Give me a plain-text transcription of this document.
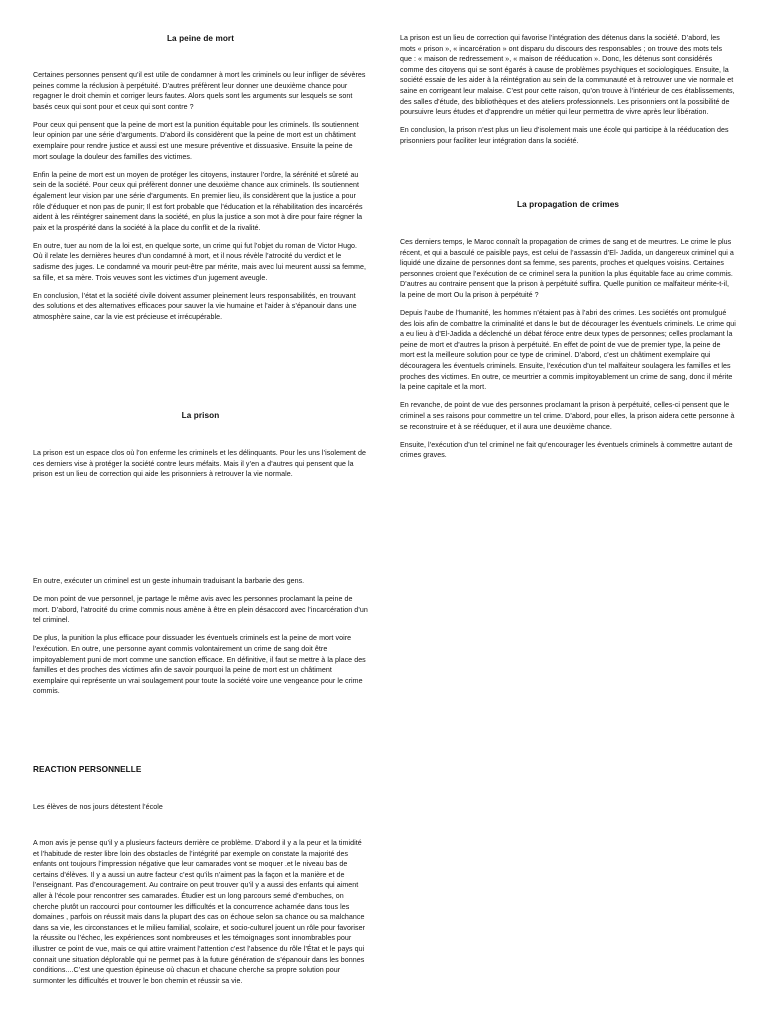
La peine de mort

Certaines personnes pensent qu’il est utile de condamner à mort les criminels ou leur infliger de sévères peines comme la réclusion à perpétuité. D’autres préfèrent leur donner une deuxième chance pour regagner le droit chemin et corriger leurs fautes. Alors quels sont les arguments sur lesquels se sont basés ceux qui sont pour et ceux qui sont contre ?

Pour ceux qui pensent que la peine de mort est la punition équitable pour les criminels. Ils soutiennent leur opinion par une série d’arguments. D’abord ils considèrent que la peine de mort est un châtiment exemplaire pour rendre justice et aussi est une mesure préventive et dissuasive. Ensuite la peine de mort soulage la douleur des familles des victimes.

Enfin la peine de mort est un moyen de protéger les citoyens, instaurer l’ordre, la sérénité et sûreté au sein de la société. Pour ceux qui préfèrent donner une deuxième chance aux criminels. Ils soutiennent également leur vision par une série d’arguments. En premier lieu, ils considèrent que la justice a pour rôle d’éduquer et non pas de punir; Il est fort probable que l’éducation et la réhabilitation des incarcérés aident à les réintégrer sainement dans la société, en plus la justice a son mot à dire pour faire régner la paix et la prospérité dans la société à la place du conflit et de la rivalité.

En outre, tuer au nom de la loi est, en quelque sorte, un crime qui fut l’objet du roman de Victor Hugo. Où il relate les dernières heures d’un condamné à mort, et il nous révèle l’atrocité du verdict et le sadisme des juges. Le condamné va mourir peut-être par mérite, mais avec lui meurent aussi sa femme, sa fille, et sa mère. Trois veuves sont les victimes d’un jugement aveugle.

En conclusion, l’état et la société civile doivent assumer pleinement leurs responsabilités, en trouvant des solutions et des alternatives efficaces pour sauver la vie humaine et l’aider à s’épanouir dans une atmosphère saine, car la vie est précieuse et irrécupérable.

La prison

La prison est un espace clos où l’on enferme les criminels et les délinquants. Pour les uns l’isolement de ces derniers vise à protéger la société contre leurs méfaits. Mais il y’en a d’autres qui pensent que la prison est un lieu de correction qui aide les prisonniers à retrouver la vie normale.

En outre, exécuter un criminel est un geste inhumain traduisant la barbarie des gens.

De mon point de vue personnel, je partage le même avis avec les personnes proclamant la peine de mort. D’abord, l’atrocité du crime commis nous amène à être en plein désaccord avec l’incarcération d’un tel criminel.

De plus, la punition la plus efficace pour dissuader les éventuels criminels est la peine de mort voire l’exécution. En outre, une personne ayant commis volontairement un crime de sang doit être impitoyablement puni de mort comme une sanction efficace. En définitive, il faut se mettre à la place des familles et des proches des victimes afin de savoir pourquoi la peine de mort est un châtiment exemplaire qui représente un vrai soulagement pour toute la société voire une vengeance pour le crime commis.

REACTION PERSONNELLE

Les élèves de nos jours détestent l’école

A mon avis je pense qu’il y a plusieurs facteurs derrière ce problème. D’abord il y a la peur et la timidité et l’habitude de rester libre loin des obstacles de l’intégrité par exemple on constate la majorité des enfants ont toujours l’impression négative que leur camarades vont se moquer .et le niveau bas de certains d’élèves. Il y a aussi un autre facteur c’est qu’ils n’aiment pas la façon et la manière et de l’enseignant. Pas d’encouragement. Au contraire on peut trouver qu’il y a aussi des enfants qui aiment aller à l’école pour rencontrer ses camarades. Étudier est un long parcours semé d’embuches, on cherche plutôt un raccourci pour contourner les difficultés et la concurrence acharnée dans tous les domaines , parfois on réussit mais dans la plupart des cas on échoue selon sa chance ou sa malchance dans sa vie, les circonstances et le milieu familial, scolaire, et socio-culturel jouent un rôle pour favoriser la réussite ou l’échec, les expériences sont nombreuses et les témoignages sont innombrables pour illustrer ce point de vue, mais ce qui attire vraiment l’attention c’est l’absence du rôle l’État et le pays qui connait une situation déplorable qui ne permet pas à la future génération de s’épanouir dans les bonnes conditions....C’est une question épineuse où chacun et chacune cherche sa propre solution pour surmonter les difficultés et trouver le bon chemin et réussir sa vie.

La prison est un lieu de correction qui favorise l’intégration des détenus dans la société. D’abord, les mots « prison », « incarcération » ont disparu du discours des responsables ; on trouve des mots tels que : « maison de redressement », « maison de rééducation ». Donc, les détenus sont considérés comme des citoyens qui se sont égarés à cause de problèmes psychiques et sociologiques. Ensuite, la société essaie de les aider à la réintégration au sein de la communauté et à retrouver une vie normale et saine en corrigeant leur malaise. C’est pour cette raison, qu’on trouve à l’intérieur de ces établissements, des salles d’étude, des bibliothèques et des ateliers professionnels. Les prisonniers ont la possibilité de poursuivre leurs études et d’apprendre un métier qui leur permettra de vivre après leur libération.

En conclusion, la prison n’est plus un lieu d’isolement mais une école qui participe à la rééducation des prisonniers pour faciliter leur intégration dans la société.

La propagation de crimes

Ces derniers temps, le Maroc connaît la propagation de crimes de sang et de meurtres. Le crime le plus récent, et qui a basculé ce paisible pays, est celui de l’assassin d’El- Jadida, un dangereux criminel qui a liquidé une dizaine de personnes dont sa femme, ses parents, proches et quelques voisins. Certaines personnes croient que l’exécution de ce criminel sera la punition la plus équitable face au crime commis. D’autres au contraire pensent que la prison à perpétuité suffira. Quelle punition ce malfaiteur mérite-t-il, la peine de mort Ou la prison à perpétuité ?

Depuis l’aube de l’humanité, les hommes n’étaient pas à l’abri des crimes. Les sociétés ont promulgué des lois afin de combattre la criminalité et dans le but de décourager les éventuels criminels. Le crime qui a eu lieu à d’El-Jadida a déclenché un débat féroce entre deux types de personnes; celles proclamant la peine de mort et d’autres la prison à perpétuité. En effet de point de vue de premier type, la peine de mort est la meilleure solution pour ce type de criminel. D’abord, c’est un châtiment exemplaire qui découragera les éventuels criminels. Ensuite, l’exécution d’un tel malfaiteur soulagera les familles et les proches des victimes. En outre, ce meurtrier a commis impitoyablement un crime de sang, donc il mérite la peine capitale et la mort.

En revanche, de point de vue des personnes proclamant la prison à perpétuité, celles-ci pensent que le criminel a ses raisons pour commettre un tel crime. D’abord, pour elles, la prison aidera cette personne à se reconstruire et à se rééduquer, et il aura une deuxième chance.

Ensuite, l’exécution d’un tel criminel ne fait qu’encourager les éventuels criminels à commettre autant de crimes graves.
